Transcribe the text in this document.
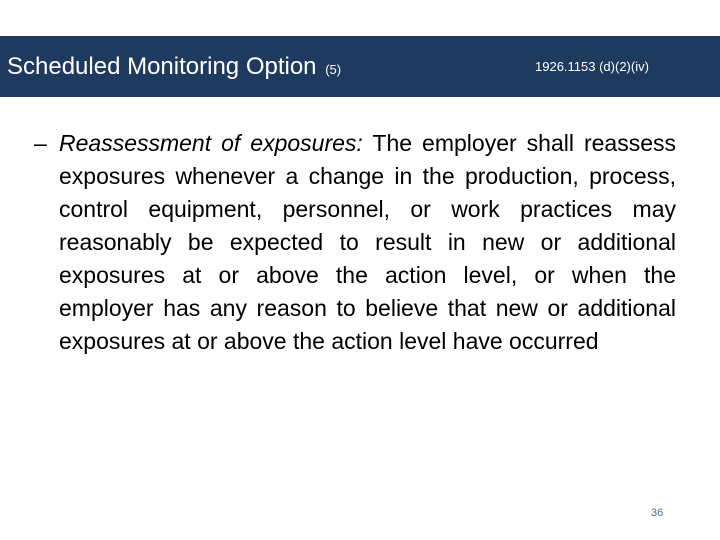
Scheduled Monitoring Option (5)	1926.1153 (d)(2)(iv)
– Reassessment of exposures: The employer shall reassess exposures whenever a change in the production, process, control equipment, personnel, or work practices may reasonably be expected to result in new or additional exposures at or above the action level, or when the employer has any reason to believe that new or additional exposures at or above the action level have occurred
36
